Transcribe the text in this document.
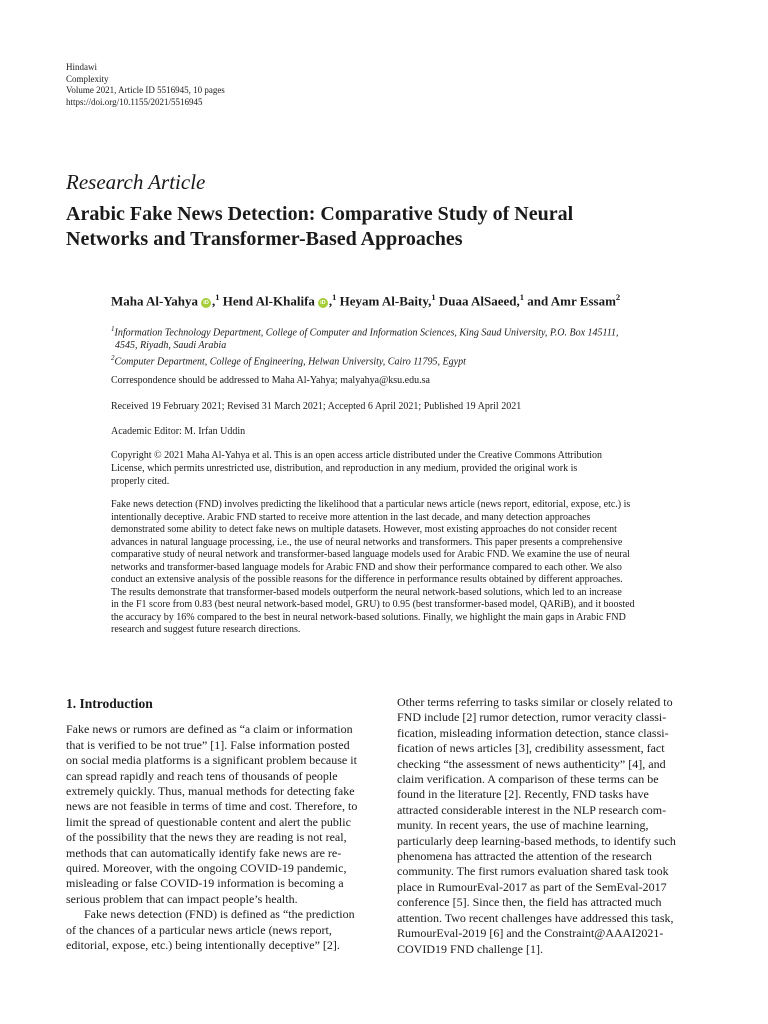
Hindawi
Complexity
Volume 2021, Article ID 5516945, 10 pages
https://doi.org/10.1155/2021/5516945
Research Article
Arabic Fake News Detection: Comparative Study of Neural
Networks and Transformer-Based Approaches
Maha Al-Yahya iD ,$^1$ Hend Al-Khalifa iD ,$^1$ Heyam Al-Baity,$^1$ Duaa AlSaeed,$^1$ and Amr Essam$^2$
$^1$Information Technology Department, College of Computer and Information Sciences, King Saud University, P.O. Box 145111,
4545, Riyadh, Saudi Arabia
$^2$Computer Department, College of Engineering, Helwan University, Cairo 11795, Egypt
Correspondence should be addressed to Maha Al-Yahya; malyahya@ksu.edu.sa
Received 19 February 2021; Revised 31 March 2021; Accepted 6 April 2021; Published 19 April 2021
Academic Editor: M. Irfan Uddin
Copyright © 2021 Maha Al-Yahya et al. This is an open access article distributed under the Creative Commons Attribution
License, which permits unrestricted use, distribution, and reproduction in any medium, provided the original work is
properly cited.
Fake news detection (FND) involves predicting the likelihood that a particular news article (news report, editorial, expose, etc.) is
intentionally deceptive. Arabic FND started to receive more attention in the last decade, and many detection approaches
demonstrated some ability to detect fake news on multiple datasets. However, most existing approaches do not consider recent
advances in natural language processing, i.e., the use of neural networks and transformers. This paper presents a comprehensive
comparative study of neural network and transformer-based language models used for Arabic FND. We examine the use of neural
networks and transformer-based language models for Arabic FND and show their performance compared to each other. We also
conduct an extensive analysis of the possible reasons for the difference in performance results obtained by different approaches.
The results demonstrate that transformer-based models outperform the neural network-based solutions, which led to an increase
in the F1 score from 0.83 (best neural network-based model, GRU) to 0.95 (best transformer-based model, QARiB), and it boosted
the accuracy by 16% compared to the best in neural network-based solutions. Finally, we highlight the main gaps in Arabic FND
research and suggest future research directions.
1. Introduction
Fake news or rumors are defined as “a claim or information
that is verified to be not true” [1]. False information posted
on social media platforms is a significant problem because it
can spread rapidly and reach tens of thousands of people
extremely quickly. Thus, manual methods for detecting fake
news are not feasible in terms of time and cost. Therefore, to
limit the spread of questionable content and alert the public
of the possibility that the news they are reading is not real,
methods that can automatically identify fake news are re-
quired. Moreover, with the ongoing COVID-19 pandemic,
misleading or false COVID-19 information is becoming a
serious problem that can impact people’s health.
Fake news detection (FND) is defined as “the prediction
of the chances of a particular news article (news report,
editorial, expose, etc.) being intentionally deceptive” [2].
Other terms referring to tasks similar or closely related to
FND include [2] rumor detection, rumor veracity classi-
fication, misleading information detection, stance classi-
fication of news articles [3], credibility assessment, fact
checking “the assessment of news authenticity” [4], and
claim verification. A comparison of these terms can be
found in the literature [2]. Recently, FND tasks have
attracted considerable interest in the NLP research com-
munity. In recent years, the use of machine learning,
particularly deep learning-based methods, to identify such
phenomena has attracted the attention of the research
community. The first rumors evaluation shared task took
place in RumourEval-2017 as part of the SemEval-2017
conference [5]. Since then, the field has attracted much
attention. Two recent challenges have addressed this task,
RumourEval-2019 [6] and the Constraint@AAAI2021-
COVID19 FND challenge [1].
